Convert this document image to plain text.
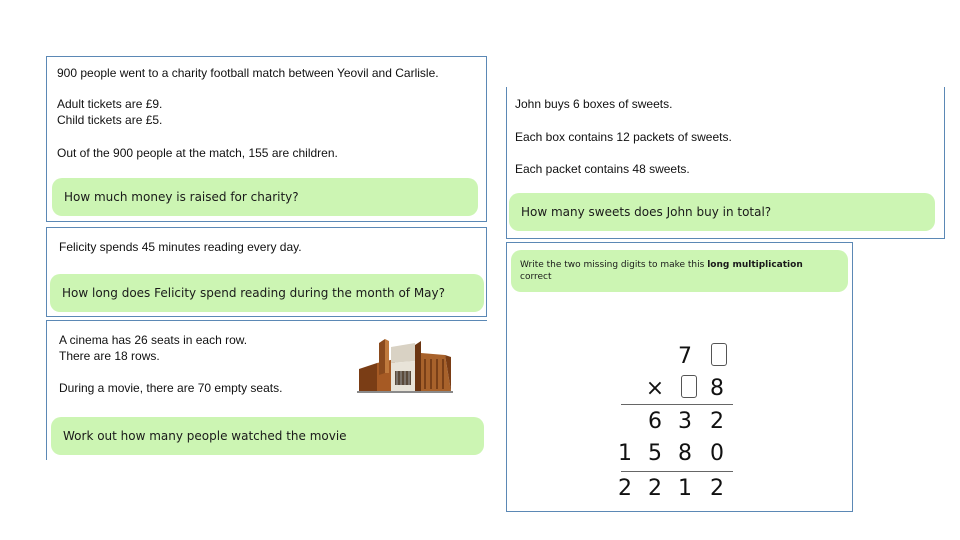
900 people went to a charity football match between Yeovil and Carlisle.
Adult tickets are £9.
Child tickets are £5.
Out of the 900 people at the match, 155 are children.
How much money is raised for charity?
Felicity spends 45 minutes reading every day.
How long does Felicity spend reading during the month of May?
A cinema has 26 seats in each row.
There are 18 rows.
During a movie, there are 70 empty seats.
Work out how many people watched the movie
John buys 6 boxes of sweets.
Each box contains 12 packets of sweets.
Each packet contains 48 sweets.
How many sweets does John buy in total?
Write the two missing digits to make this long multiplication
correct
7
× 8
6 3 2
1 5 8 0
2 2 1 2
